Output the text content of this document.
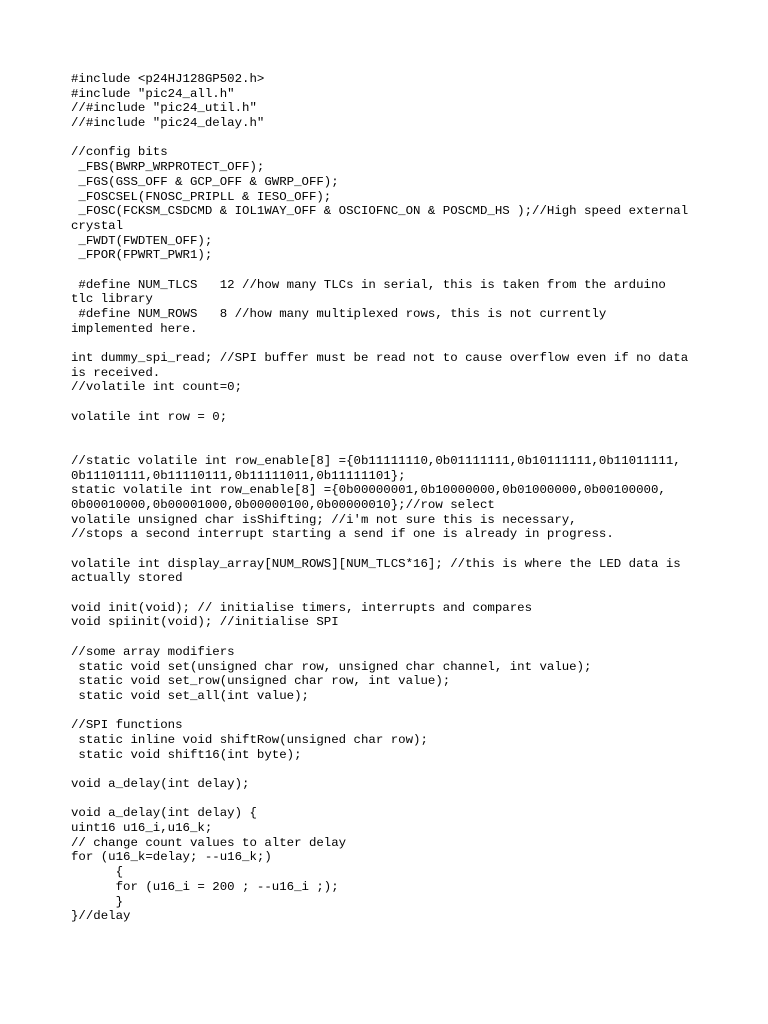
#include <p24HJ128GP502.h>
#include "pic24_all.h"
//#include "pic24_util.h"
//#include "pic24_delay.h"
//config bits
_FBS(BWRP_WRPROTECT_OFF);
_FGS(GSS_OFF & GCP_OFF & GWRP_OFF);
_FOSCSEL(FNOSC_PRIPLL & IESO_OFF);
_FOSC(FCKSM_CSDCMD & IOL1WAY_OFF & OSCIOFNC_ON & POSCMD_HS );//High speed external
crystal
_FWDT(FWDTEN_OFF);
_FPOR(FPWRT_PWR1);
#define NUM_TLCS   12 //how many TLCs in serial, this is taken from the arduino
tlc library
#define NUM_ROWS   8 //how many multiplexed rows, this is not currently
implemented here.
int dummy_spi_read; //SPI buffer must be read not to cause overflow even if no data
is received.
//volatile int count=0;
volatile int row = 0;
//static volatile int row_enable[8] ={0b11111110,0b01111111,0b10111111,0b11011111,
0b11101111,0b11110111,0b11111011,0b11111101};
static volatile int row_enable[8] ={0b00000001,0b10000000,0b01000000,0b00100000,
0b00010000,0b00001000,0b00000100,0b00000010};//row select
volatile unsigned char isShifting; //i'm not sure this is necessary,
//stops a second interrupt starting a send if one is already in progress.
volatile int display_array[NUM_ROWS][NUM_TLCS*16]; //this is where the LED data is
actually stored
void init(void); // initialise timers, interrupts and compares
void spiinit(void); //initialise SPI
//some array modifiers
static void set(unsigned char row, unsigned char channel, int value);
static void set_row(unsigned char row, int value);
static void set_all(int value);
//SPI functions
static inline void shiftRow(unsigned char row);
static void shift16(int byte);
void a_delay(int delay);
void a_delay(int delay) {
uint16 u16_i,u16_k;
// change count values to alter delay
for (u16_k=delay; --u16_k;)
{
for (u16_i = 200 ; --u16_i ;);
}
}//delay
